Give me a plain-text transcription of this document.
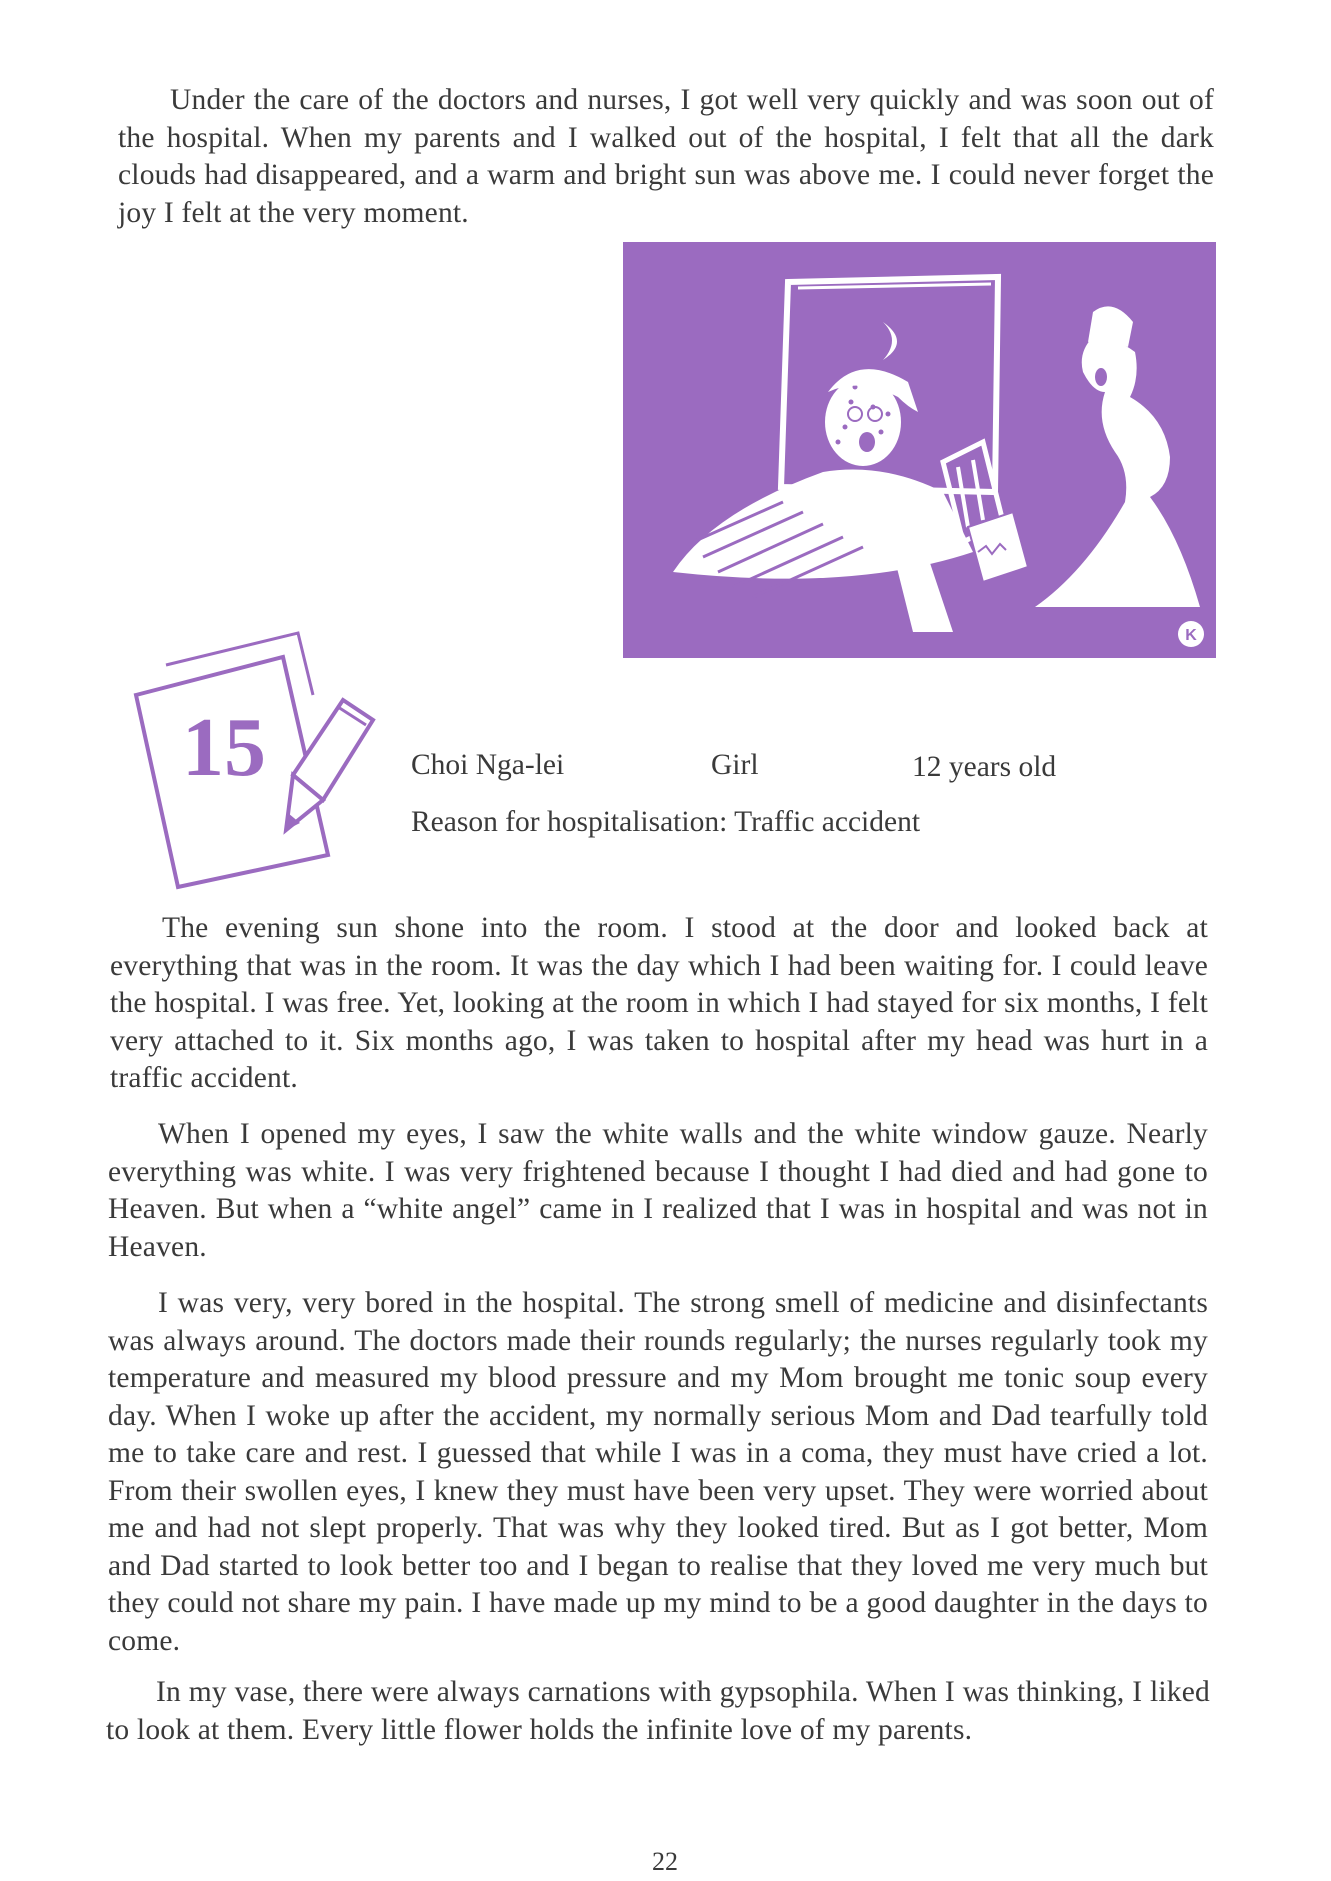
Under the care of the doctors and nurses, I got well very quickly and was soon out of the hospital. When my parents and I walked out of the hospital, I felt that all the dark clouds had disappeared, and a warm and bright sun was above me. I could never forget the joy I felt at the very moment.

K
15	Choi Nga-lei	Girl	12 years old
Reason for hospitalisation: Traffic accident

The evening sun shone into the room. I stood at the door and looked back at everything that was in the room. It was the day which I had been waiting for. I could leave the hospital. I was free. Yet, looking at the room in which I had stayed for six months, I felt very attached to it. Six months ago, I was taken to hospital after my head was hurt in a traffic accident.

When I opened my eyes, I saw the white walls and the white window gauze. Nearly everything was white. I was very frightened because I thought I had died and had gone to Heaven. But when a “white angel” came in I realized that I was in hospital and was not in Heaven.

I was very, very bored in the hospital. The strong smell of medicine and disinfectants was always around. The doctors made their rounds regularly; the nurses regularly took my temperature and measured my blood pressure and my Mom brought me tonic soup every day. When I woke up after the accident, my normally serious Mom and Dad tearfully told me to take care and rest. I guessed that while I was in a coma, they must have cried a lot. From their swollen eyes, I knew they must have been very upset. They were worried about me and had not slept properly. That was why they looked tired. But as I got better, Mom and Dad started to look better too and I began to realise that they loved me very much but they could not share my pain. I have made up my mind to be a good daughter in the days to come.

In my vase, there were always carnations with gypsophila. When I was thinking, I liked to look at them. Every little flower holds the infinite love of my parents.

22
